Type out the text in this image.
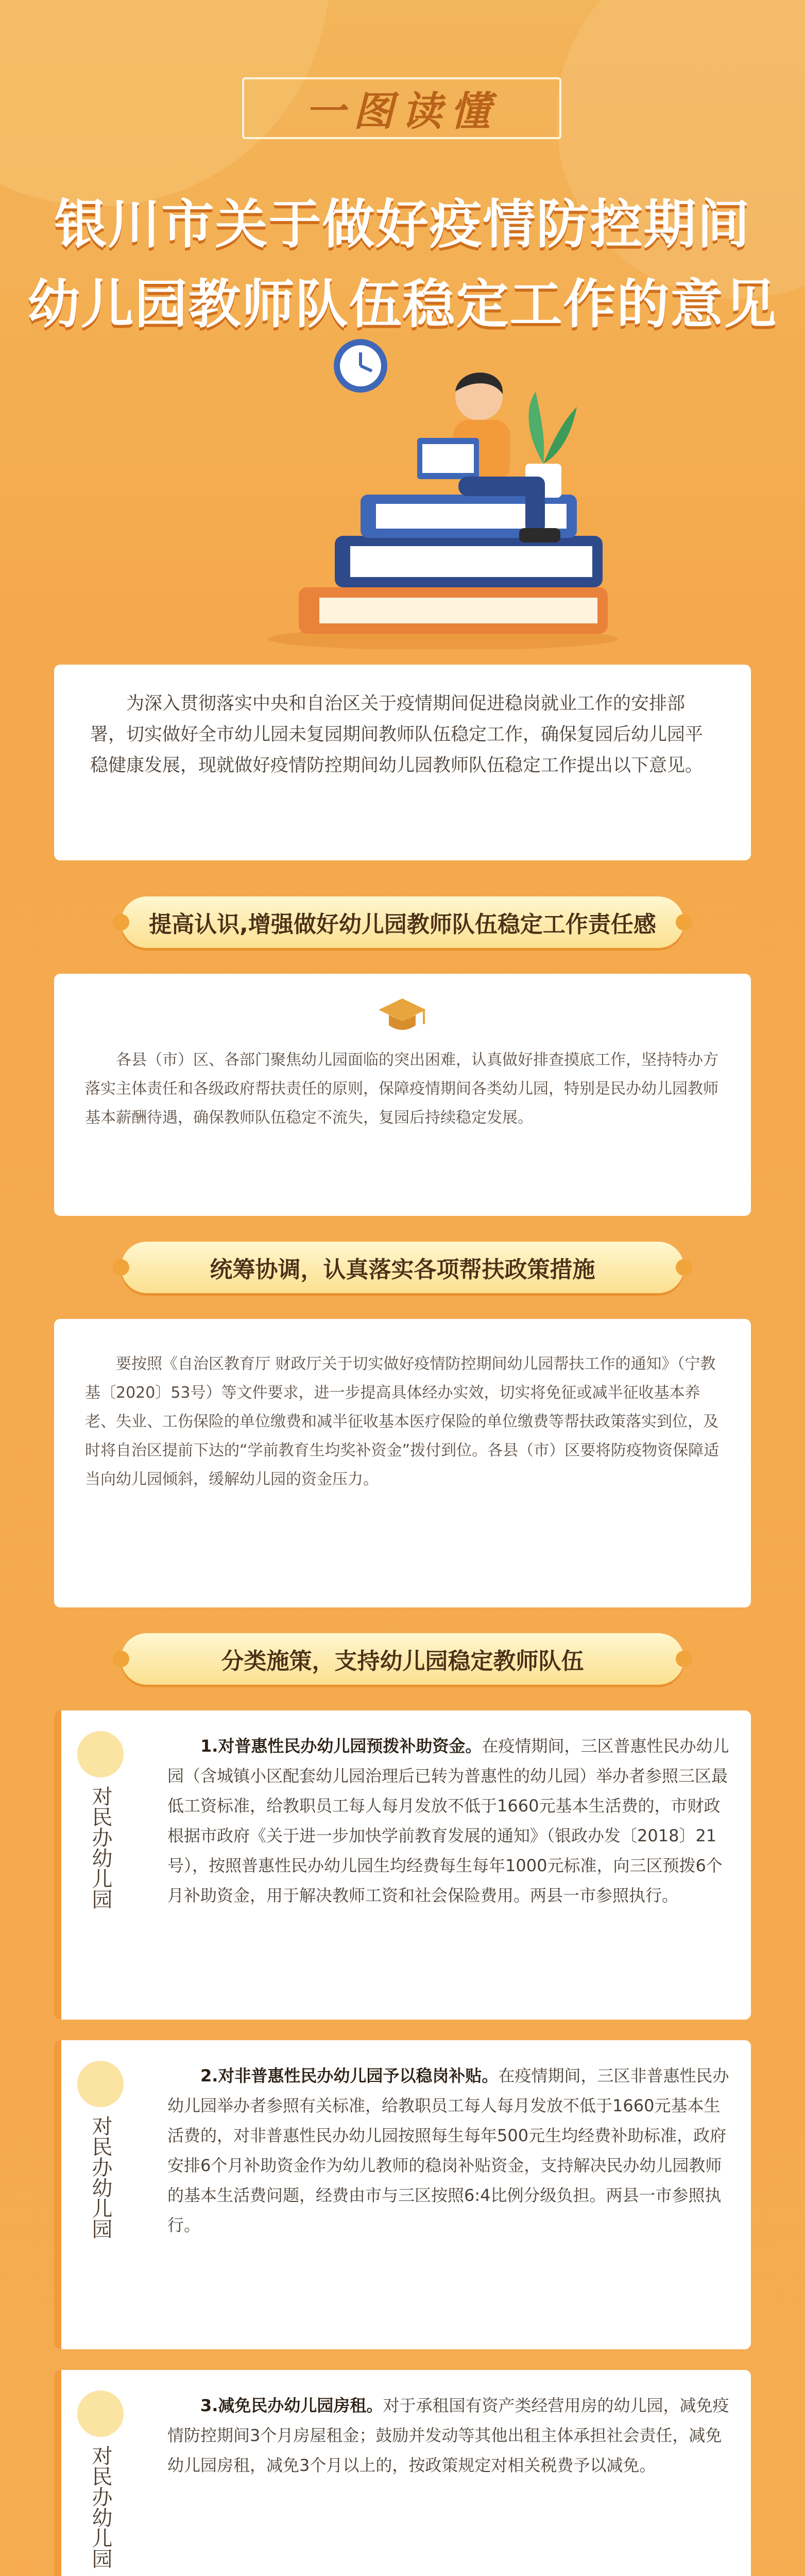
一图读懂
银川市关于做好疫情防控期间
幼儿园教师队伍稳定工作的意见

为深入贯彻落实中央和自治区关于疫情期间促进稳岗就业工作的安排部署，切实做好全市幼儿园未复园期间教师队伍稳定工作，确保复园后幼儿园平稳健康发展，现就做好疫情防控期间幼儿园教师队伍稳定工作提出以下意见。

提高认识,增强做好幼儿园教师队伍稳定工作责任感

各县（市）区、各部门聚焦幼儿园面临的突出困难，认真做好排查摸底工作，坚持特办方落实主体责任和各级政府帮扶责任的原则，保障疫情期间各类幼儿园，特别是民办幼儿园教师基本薪酬待遇，确保教师队伍稳定不流失，复园后持续稳定发展。

统筹协调，认真落实各项帮扶政策措施

要按照《自治区教育厅 财政厅关于切实做好疫情防控期间幼儿园帮扶工作的通知》（宁教基〔2020〕53号）等文件要求，进一步提高具体经办实效，切实将免征或减半征收基本养老、失业、工伤保险的单位缴费和减半征收基本医疗保险的单位缴费等帮扶政策落实到位，及时将自治区提前下达的“学前教育生均奖补资金”拨付到位。各县（市）区要将防疫物资保障适当向幼儿园倾斜，缓解幼儿园的资金压力。

分类施策，支持幼儿园稳定教师队伍
对民办幼儿园
1.对普惠性民办幼儿园预拨补助资金。在疫情期间，三区普惠性民办幼儿园（含城镇小区配套幼儿园治理后已转为普惠性的幼儿园）举办者参照三区最低工资标准，给教职员工每人每月发放不低于1660元基本生活费的，市财政根据市政府《关于进一步加快学前教育发展的通知》（银政办发〔2018〕21号），按照普惠性民办幼儿园生均经费每生每年1000元标准，向三区预拨6个月补助资金，用于解决教师工资和社会保险费用。两县一市参照执行。
对民办幼儿园
2.对非普惠性民办幼儿园予以稳岗补贴。在疫情期间，三区非普惠性民办幼儿园举办者参照有关标准，给教职员工每人每月发放不低于1660元基本生活费的，对非普惠性民办幼儿园按照每生每年500元生均经费补助标准，政府安排6个月补助资金作为幼儿教师的稳岗补贴资金，支持解决民办幼儿园教师的基本生活费问题，经费由市与三区按照6:4比例分级负担。两县一市参照执行。
对民办幼儿园
3.减免民办幼儿园房租。对于承租国有资产类经营用房的幼儿园，减免疫情防控期间3个月房屋租金；鼓励并发动等其他出租主体承担社会责任，减免幼儿园房租，减免3个月以上的，按政策规定对相关税费予以减免。
